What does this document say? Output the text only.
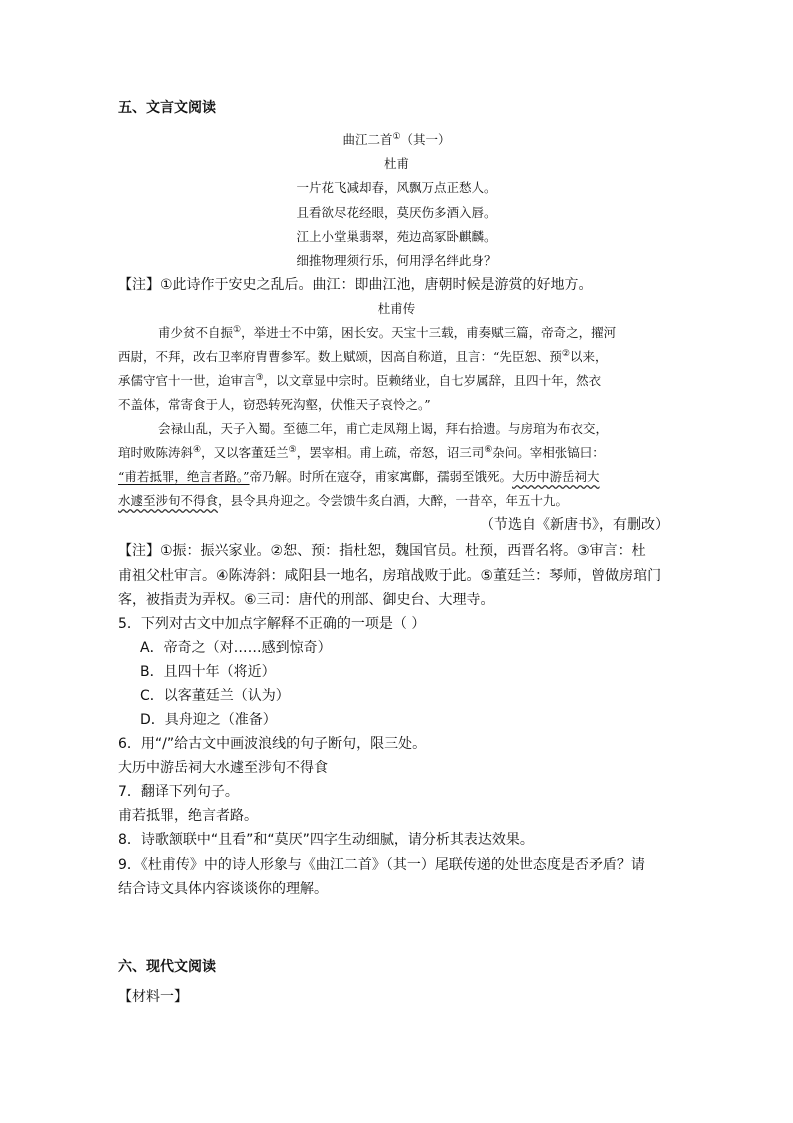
五、文言文阅读
曲江二首①（其一）
杜甫
一片花飞减却春，风飘万点正愁人。
且看欲尽花经眼，莫厌伤多酒入唇。
江上小堂巢翡翠，苑边高冢卧麒麟。
细推物理须行乐，何用浮名绊此身？
【注】①此诗作于安史之乱后。曲江：即曲江池，唐朝时候是游赏的好地方。
杜甫传
甫少贫不自振①，举进士不中第，困长安。天宝十三载，甫奏赋三篇，帝奇之，擢河
西尉，不拜，改右卫率府胄曹参军。数上赋颂，因高自称道，且言：“先臣恕、预②以来，
承儒守官十一世，迨审言③，以文章显中宗时。臣赖绪业，自七岁属辞，且四十年，然衣
不盖体，常寄食于人，窃恐转死沟壑，伏惟天子哀怜之。”
会禄山乱，天子入蜀。至德二年，甫亡走凤翔上谒，拜右拾遗。与房琯为布衣交，
琯时败陈涛斜④，又以客董廷兰⑤，罢宰相。甫上疏，帝怒，诏三司⑥杂问。宰相张镐曰：
“甫若抵罪，绝言者路。”帝乃解。时所在寇夺，甫家寓鄜，孺弱至饿死。大历中游岳祠大
水遽至涉旬不得食，县令具舟迎之。令尝馈牛炙白酒，大醉，一昔卒，年五十九。
（节选自《新唐书》，有删改）
【注】①振：振兴家业。②恕、预：指杜恕，魏国官员。杜预，西晋名将。③审言：杜
甫祖父杜审言。④陈涛斜：咸阳县一地名，房琯战败于此。⑤董廷兰：琴师，曾做房琯门
客，被指责为弄权。⑥三司：唐代的刑部、御史台、大理寺。
5．下列对古文中加点字解释不正确的一项是（ ）
A．帝奇之（对……感到惊奇）
B．且四十年（将近）
C．以客董廷兰（认为）
D．具舟迎之（准备）
6．用“/”给古文中画波浪线的句子断句，限三处。
大历中游岳祠大水遽至涉旬不得食
7．翻译下列句子。
甫若抵罪，绝言者路。
8．诗歌颔联中“且看”和“莫厌”四字生动细腻，请分析其表达效果。
9．《杜甫传》中的诗人形象与《曲江二首》（其一）尾联传递的处世态度是否矛盾？请
结合诗文具体内容谈谈你的理解。
六、现代文阅读
【材料一】
